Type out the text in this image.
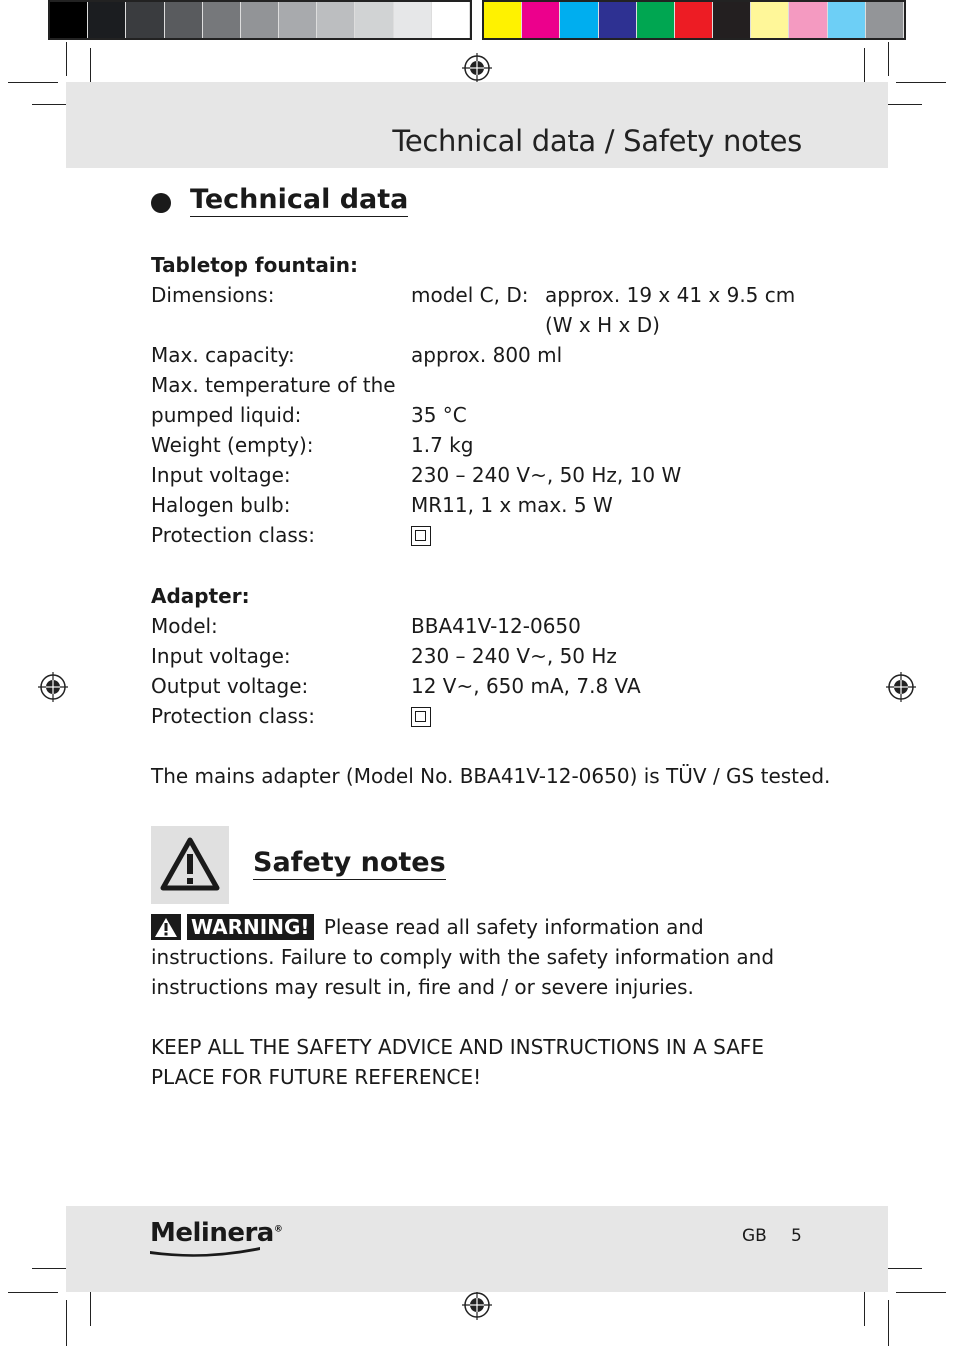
Technical data / Safety notes
Technical data
Tabletop fountain:
Dimensions:	model C, D: approx. 19 x 41 x 9.5 cm
(W x H x D)
Max. capacity:	approx. 800 ml
Max. temperature of the
pumped liquid:	35 °C
Weight (empty):	1.7 kg
Input voltage:	230 – 240 V~, 50 Hz, 10 W
Halogen bulb:	MR11, 1 x max. 5 W
Protection class:
Adapter:
Model:	BBA41V-12-0650
Input voltage:	230 – 240 V~, 50 Hz
Output voltage:	12 V~, 650 mA, 7.8 VA
Protection class:
The mains adapter (Model No. BBA41V-12-0650) is TÜV / GS tested.
Safety notes
WARNING! Please read all safety information and instructions. Failure to comply with the safety information and instructions may result in, fire and / or severe injuries.
KEEP ALL THE SAFETY ADVICE AND INSTRUCTIONS IN A SAFE PLACE FOR FUTURE REFERENCE!
Melinera®	GB 5
